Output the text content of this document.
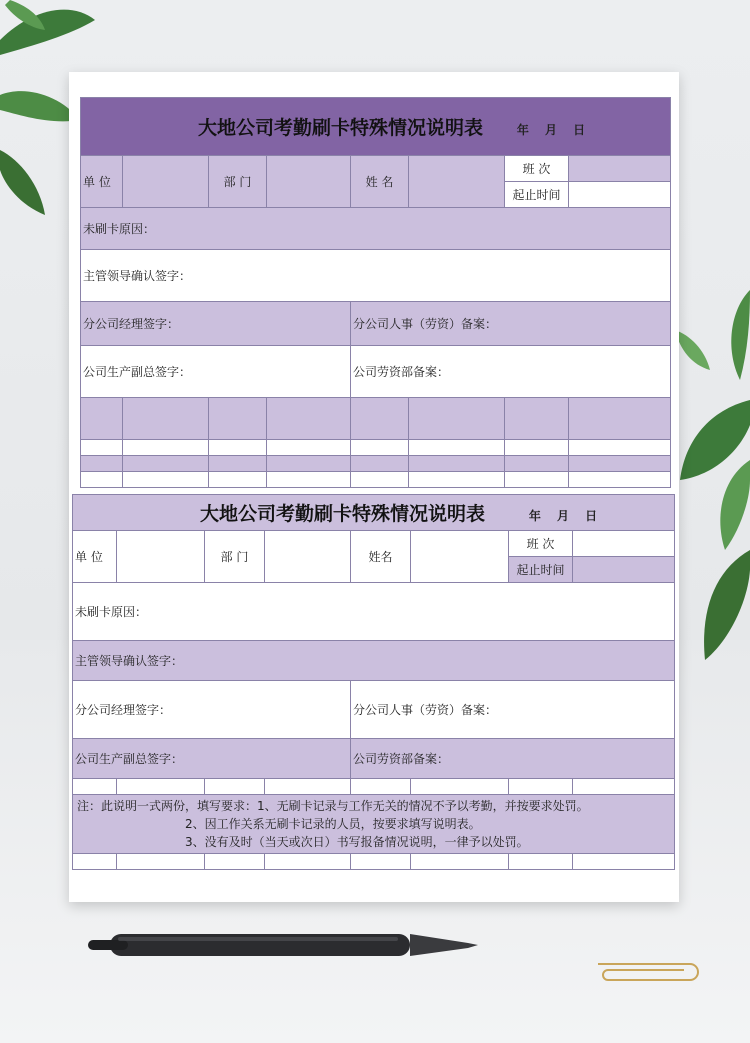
大地公司考勤刷卡特殊情况说明表 年 月 日							
单 位		部 门		姓 名		班 次	
						起止时间	
未刷卡原因：							
主管领导确认签字：							
分公司经理签字：				分公司人事（劳资）备案：			
公司生产副总签字：				公司劳资部备案：			

大地公司考勤刷卡特殊情况说明表 年 月 日							
单 位		部 门		姓名		班 次	
						起止时间	
未刷卡原因：							
主管领导确认签字：							
分公司经理签字：				分公司人事（劳资）备案：			
公司生产副总签字：				公司劳资部备案：			

注：此说明一式两份，填写要求：1、无刷卡记录与工作无关的情况不予以考勤，并按要求处罚。
2、因工作关系无刷卡记录的人员，按要求填写说明表。
3、没有及时（当天或次日）书写报备情况说明，一律予以处罚。							
